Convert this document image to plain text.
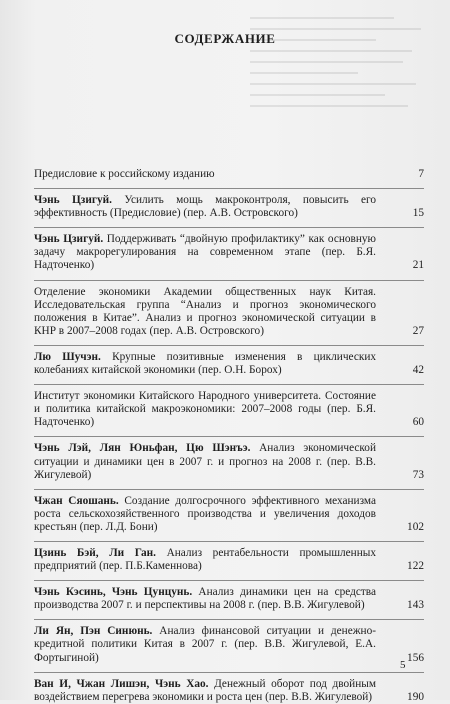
СОДЕРЖАНИЕ
Предисловие к российскому изданию	7
Чэнь Цзигуй. Усилить мощь макроконтроля, повысить его эффективность (Предисловие) (пер. А.В. Островского)	15
Чэнь Цзигуй. Поддерживать “двойную профилактику” как основную задачу макрорегулирования на современном этапе (пер. Б.Я. Надточенко)	21
Отделение экономики Академии общественных наук Китая. Исследовательская группа “Анализ и прогноз экономического положения в Китае”. Анализ и прогноз экономической ситуации в КНР в 2007–2008 годах (пер. А.В. Островского)	27
Лю Шучэн. Крупные позитивные изменения в циклических колебаниях китайской экономики (пер. О.Н. Борох)	42
Институт экономики Китайского Народного университета. Состояние и политика китайской макроэкономики: 2007–2008 годы (пер. Б.Я. Надточенко)	60
Чэнь Лэй, Лян Юньфан, Цю Шэнъэ. Анализ экономической ситуации и динамики цен в 2007 г. и прогноз на 2008 г. (пер. В.В. Жигулевой)	73
Чжан Сяошань. Создание долгосрочного эффективного механизма роста сельскохозяйственного производства и увеличения доходов крестьян (пер. Л.Д. Бони)	102
Цзинь Бэй, Ли Ган. Анализ рентабельности промышленных предприятий (пер. П.Б.Каменнова)	122
Чэнь Кэсинь, Чэнь Цунцунь. Анализ динамики цен на средства производства 2007 г. и перспективы на 2008 г. (пер. В.В. Жигулевой)	143
Ли Ян, Пэн Синюнь. Анализ финансовой ситуации и денежно-кредитной политики Китая в 2007 г. (пер. В.В. Жигулевой, Е.А. Фортыгиной)	156
Ван И, Чжан Лишэн, Чэнь Хао. Денежный оборот под двойным воздействием перегрева экономики и роста цен (пер. В.В. Жигулевой)	190
5
